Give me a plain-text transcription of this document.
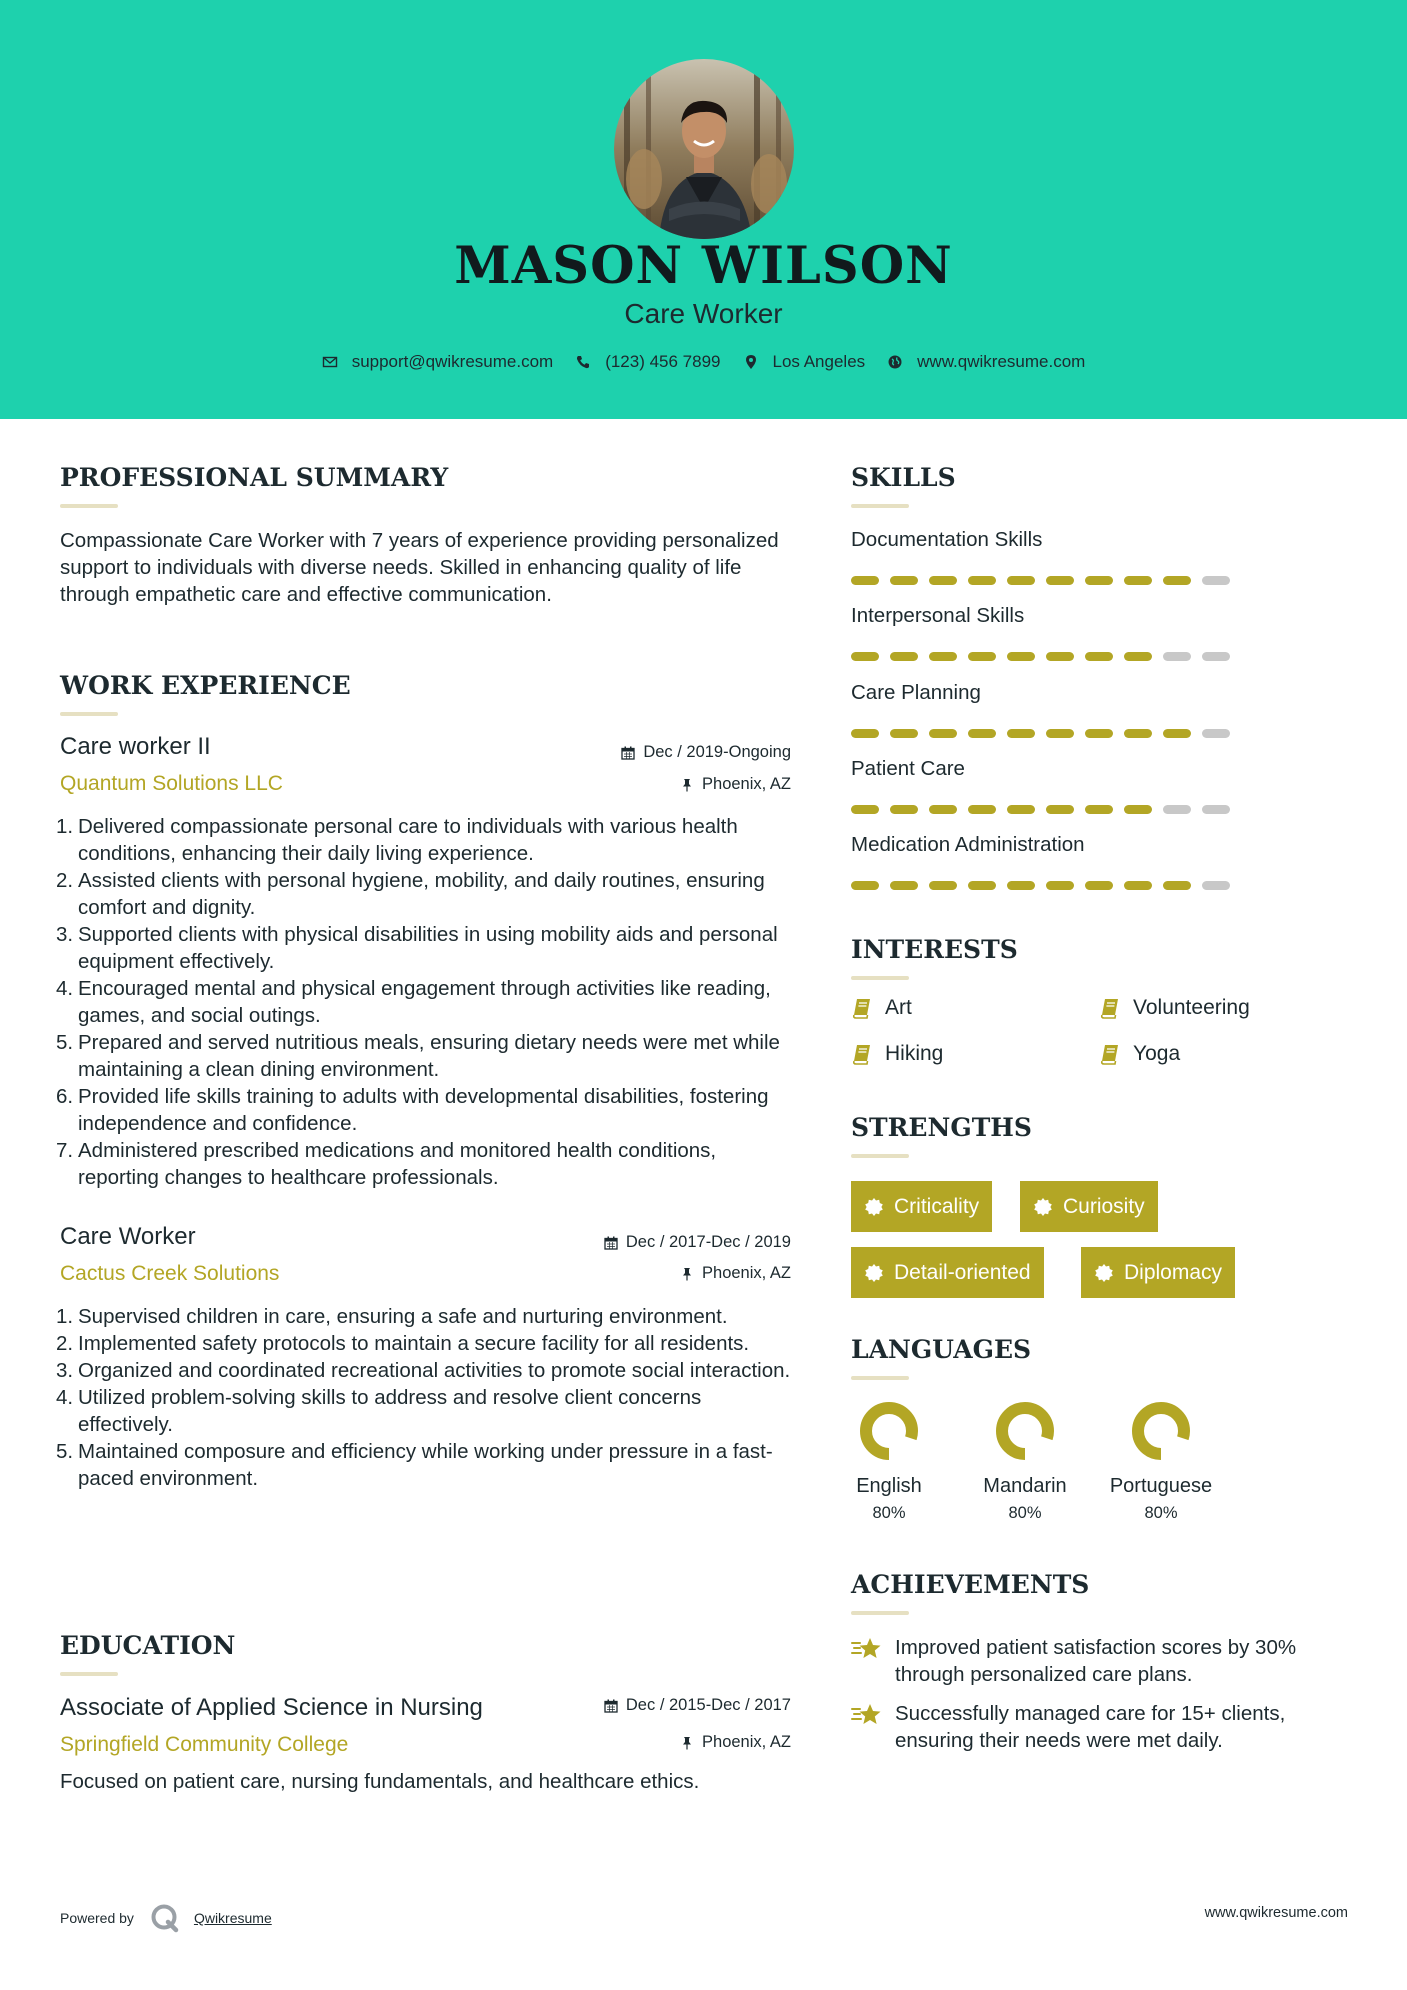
MASON WILSON
Care Worker
support@qwikresume.com	(123) 456 7899	Los Angeles	www.qwikresume.com
PROFESSIONAL SUMMARY
Compassionate Care Worker with 7 years of experience providing personalized support to individuals with diverse needs. Skilled in enhancing quality of life through empathetic care and effective communication.
WORK EXPERIENCE
Care worker II
Quantum Solutions LLC
Dec / 2019-Ongoing
Phoenix, AZ
1. Delivered compassionate personal care to individuals with various health conditions, enhancing their daily living experience.
2. Assisted clients with personal hygiene, mobility, and daily routines, ensuring comfort and dignity.
3. Supported clients with physical disabilities in using mobility aids and personal equipment effectively.
4. Encouraged mental and physical engagement through activities like reading, games, and social outings.
5. Prepared and served nutritious meals, ensuring dietary needs were met while maintaining a clean dining environment.
6. Provided life skills training to adults with developmental disabilities, fostering independence and confidence.
7. Administered prescribed medications and monitored health conditions, reporting changes to healthcare professionals.
Care Worker
Cactus Creek Solutions
Dec / 2017-Dec / 2019
Phoenix, AZ
1. Supervised children in care, ensuring a safe and nurturing environment.
2. Implemented safety protocols to maintain a secure facility for all residents.
3. Organized and coordinated recreational activities to promote social interaction.
4. Utilized problem-solving skills to address and resolve client concerns effectively.
5. Maintained composure and efficiency while working under pressure in a fast-paced environment.
EDUCATION
Associate of Applied Science in Nursing
Springfield Community College
Dec / 2015-Dec / 2017
Phoenix, AZ
Focused on patient care, nursing fundamentals, and healthcare ethics.
SKILLS
Documentation Skills
Interpersonal Skills
Care Planning
Patient Care
Medication Administration
INTERESTS
Art	Volunteering
Hiking	Yoga
STRENGTHS
Criticality	Curiosity
Detail-oriented	Diplomacy
LANGUAGES
English
80%
Mandarin
80%
Portuguese
80%
ACHIEVEMENTS
Improved patient satisfaction scores by 30% through personalized care plans.
Successfully managed care for 15+ clients, ensuring their needs were met daily.
Powered by	Qwikresume	www.qwikresume.com
